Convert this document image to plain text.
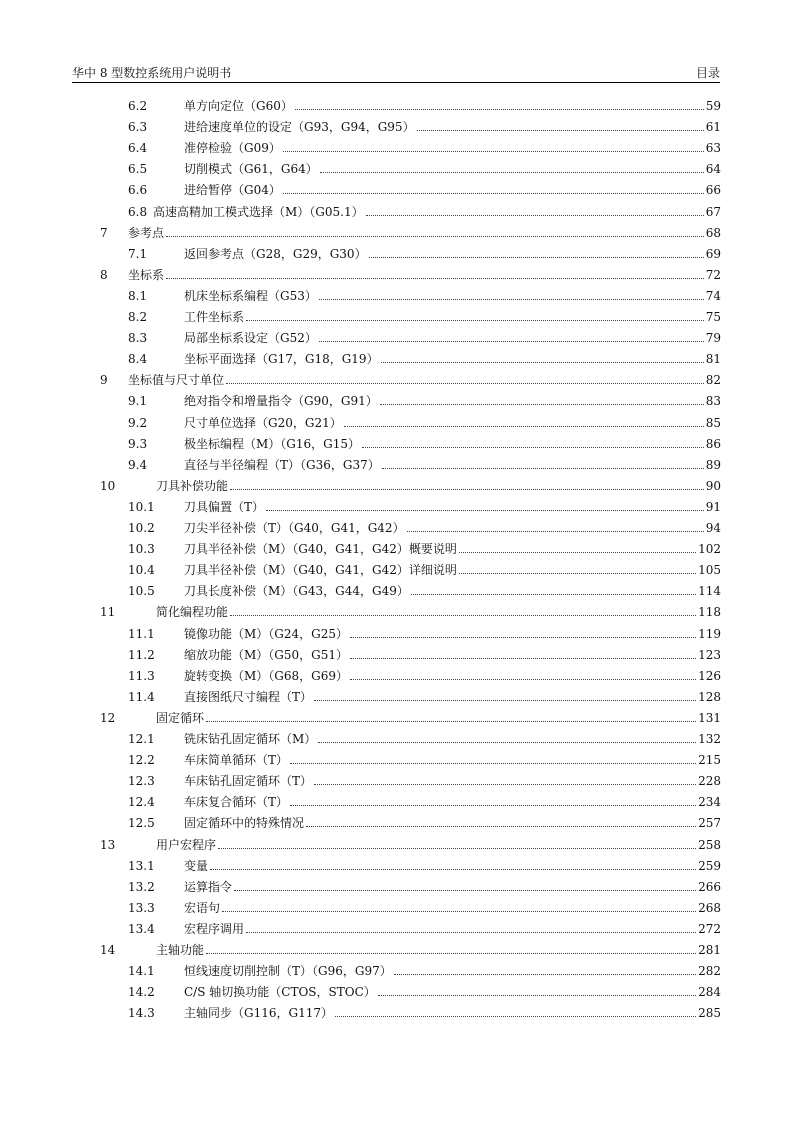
华中 8 型数控系统用户说明书	目录
6.2	单方向定位（G60）	59
6.3	进给速度单位的设定（G93，G94，G95）	61
6.4	准停检验（G09）	63
6.5	切削模式（G61，G64）	64
6.6	进给暂停（G04）	66
6.8 高速高精加工模式选择（M）（G05.1）	67
7 参考点	68
7.1	返回参考点（G28，G29，G30）	69
8 坐标系	72
8.1	机床坐标系编程（G53）	74
8.2	工件坐标系	75
8.3	局部坐标系设定（G52）	79
8.4	坐标平面选择（G17，G18，G19）	81
9 坐标值与尺寸单位	82
9.1	绝对指令和增量指令（G90，G91）	83
9.2	尺寸单位选择（G20，G21）	85
9.3	极坐标编程（M）（G16，G15）	86
9.4	直径与半径编程（T）（G36，G37）	89
10	刀具补偿功能	90
10.1 刀具偏置（T）	91
10.2 刀尖半径补偿（T）（G40，G41，G42）	94
10.3 刀具半径补偿（M）（G40，G41，G42）概要说明	102
10.4 刀具半径补偿（M）（G40，G41，G42）详细说明	105
10.5 刀具长度补偿（M）（G43，G44，G49）	114
11	简化编程功能	118
11.1 镜像功能（M）（G24，G25）	119
11.2 缩放功能（M）（G50，G51）	123
11.3 旋转变换（M）（G68，G69）	126
11.4 直接图纸尺寸编程（T）	128
12	固定循环	131
12.1 铣床钻孔固定循环（M）	132
12.2 车床简单循环（T）	215
12.3 车床钻孔固定循环（T）	228
12.4 车床复合循环（T）	234
12.5 固定循环中的特殊情况	257
13	用户宏程序	258
13.1 变量	259
13.2 运算指令	266
13.3 宏语句	268
13.4 宏程序调用	272
14	主轴功能	281
14.1 恒线速度切削控制（T）（G96，G97）	282
14.2 C/S 轴切换功能（CTOS，STOC）	284
14.3 主轴同步（G116，G117）	285
